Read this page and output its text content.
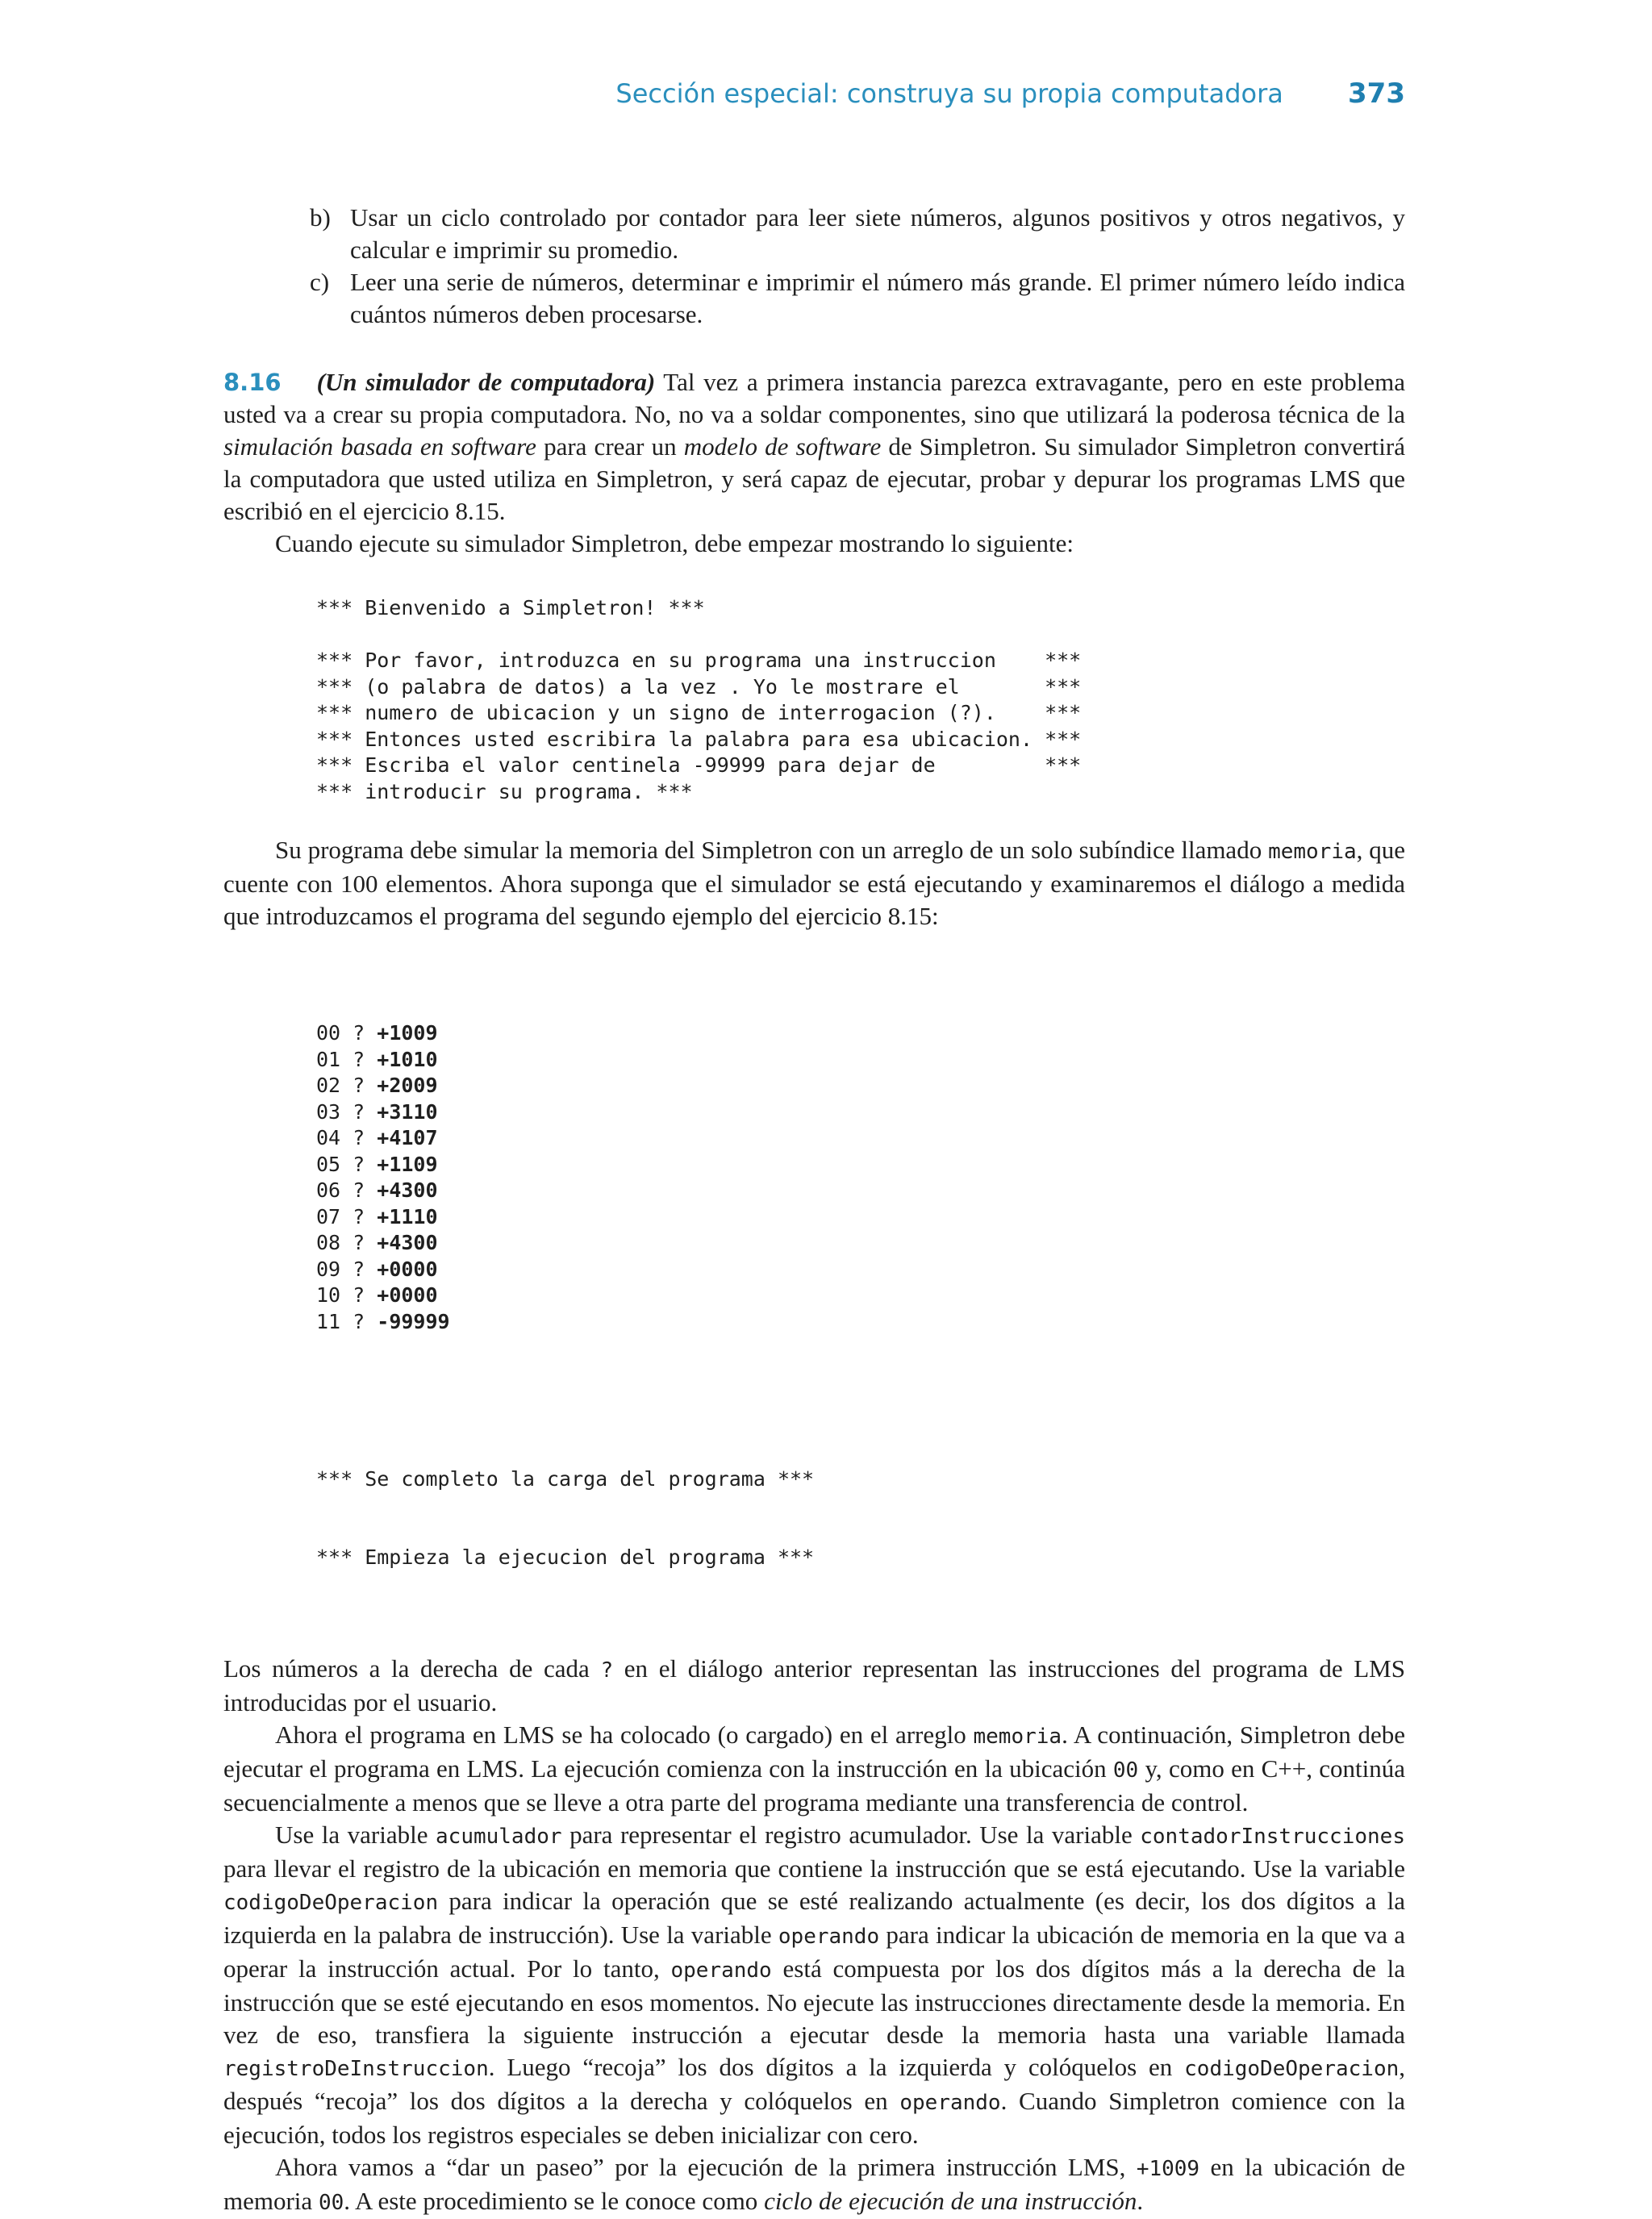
Sección especial: construya su propia computadora 373
b) Usar un ciclo controlado por contador para leer siete números, algunos positivos y otros negativos, y calcular e imprimir su promedio.
c) Leer una serie de números, determinar e imprimir el número más grande. El primer número leído indica cuántos números deben procesarse.

8.16 (Un simulador de computadora) Tal vez a primera instancia parezca extravagante, pero en este problema usted va a crear su propia computadora. No, no va a soldar componentes, sino que utilizará la poderosa técnica de la simulación basada en software para crear un modelo de software de Simpletron. Su simulador Simpletron convertirá la computadora que usted utiliza en Simpletron, y será capaz de ejecutar, probar y depurar los programas LMS que escribió en el ejercicio 8.15.

Cuando ejecute su simulador Simpletron, debe empezar mostrando lo siguiente:

*** Bienvenido a Simpletron! ***
*** Por favor, introduzca en su programa una instruccion    ***
*** (o palabra de datos) a la vez . Yo le mostrare el       ***
*** numero de ubicacion y un signo de interrogacion (?).    ***
*** Entonces usted escribira la palabra para esa ubicacion. ***
*** Escriba el valor centinela -99999 para dejar de         ***
*** introducir su programa. ***

Su programa debe simular la memoria del Simpletron con un arreglo de un solo subíndice llamado memoria, que cuente con 100 elementos. Ahora suponga que el simulador se está ejecutando y examinaremos el diálogo a medida que introduzcamos el programa del segundo ejemplo del ejercicio 8.15:

00 ? +1009
01 ? +1010
02 ? +2009
03 ? +3110
04 ? +4107
05 ? +1109
06 ? +4300
07 ? +1110
08 ? +4300
09 ? +0000
10 ? +0000
11 ? -99999

*** Se completo la carga del programa ***

*** Empieza la ejecucion del programa ***

Los números a la derecha de cada ? en el diálogo anterior representan las instrucciones del programa de LMS introducidas por el usuario.

Ahora el programa en LMS se ha colocado (o cargado) en el arreglo memoria. A continuación, Simpletron debe ejecutar el programa en LMS. La ejecución comienza con la instrucción en la ubicación 00 y, como en C++, continúa secuencialmente a menos que se lleve a otra parte del programa mediante una transferencia de control.

Use la variable acumulador para representar el registro acumulador. Use la variable contadorInstrucciones para llevar el registro de la ubicación en memoria que contiene la instrucción que se está ejecutando. Use la variable codigoDeOperacion para indicar la operación que se esté realizando actualmente (es decir, los dos dígitos a la izquierda en la palabra de instrucción). Use la variable operando para indicar la ubicación de memoria en la que va a operar la instrucción actual. Por lo tanto, operando está compuesta por los dos dígitos más a la derecha de la instrucción que se esté ejecutando en esos momentos. No ejecute las instrucciones directamente desde la memoria. En vez de eso, transfiera la siguiente instrucción a ejecutar desde la memoria hasta una variable llamada registroDeInstruccion. Luego “recoja” los dos dígitos a la izquierda y colóquelos en codigoDeOperacion, después “recoja” los dos dígitos a la derecha y colóquelos en operando. Cuando Simpletron comience con la ejecución, todos los registros especiales se deben inicializar con cero.

Ahora vamos a “dar un paseo” por la ejecución de la primera instrucción LMS, +1009 en la ubicación de memoria 00. A este procedimiento se le conoce como ciclo de ejecución de una instrucción.
